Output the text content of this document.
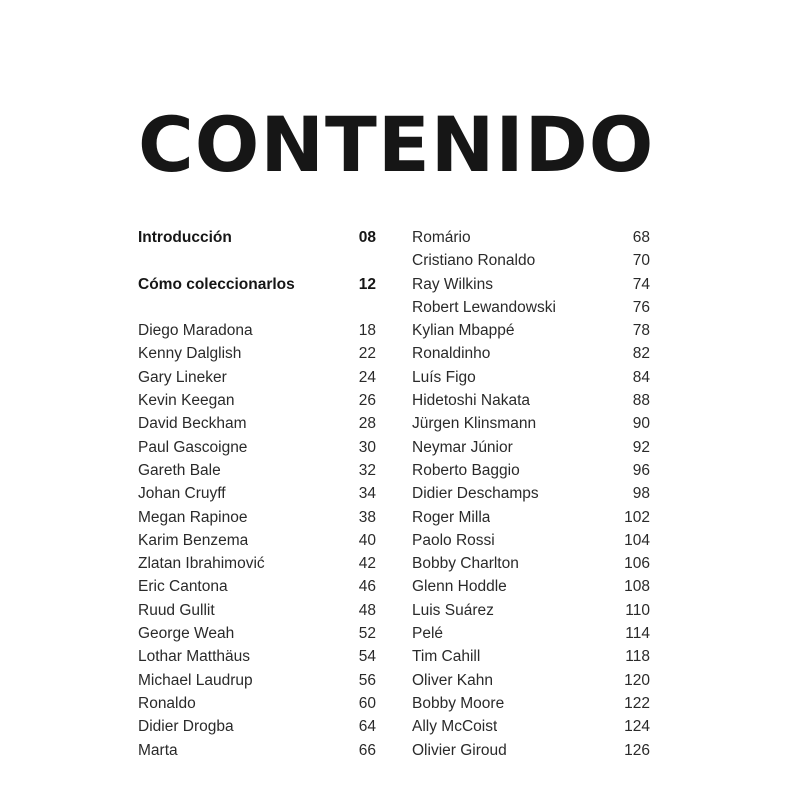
CONTENIDO
Introducción	08
Cómo coleccionarlos	12
Diego Maradona	18
Kenny Dalglish	22
Gary Lineker	24
Kevin Keegan	26
David Beckham	28
Paul Gascoigne	30
Gareth Bale	32
Johan Cruyff	34
Megan Rapinoe	38
Karim Benzema	40
Zlatan Ibrahimović	42
Eric Cantona	46
Ruud Gullit	48
George Weah	52
Lothar Matthäus	54
Michael Laudrup	56
Ronaldo	60
Didier Drogba	64
Marta	66
Romário	68
Cristiano Ronaldo	70
Ray Wilkins	74
Robert Lewandowski	76
Kylian Mbappé	78
Ronaldinho	82
Luís Figo	84
Hidetoshi Nakata	88
Jürgen Klinsmann	90
Neymar Júnior	92
Roberto Baggio	96
Didier Deschamps	98
Roger Milla	102
Paolo Rossi	104
Bobby Charlton	106
Glenn Hoddle	108
Luis Suárez	110
Pelé	114
Tim Cahill	118
Oliver Kahn	120
Bobby Moore	122
Ally McCoist	124
Olivier Giroud	126
